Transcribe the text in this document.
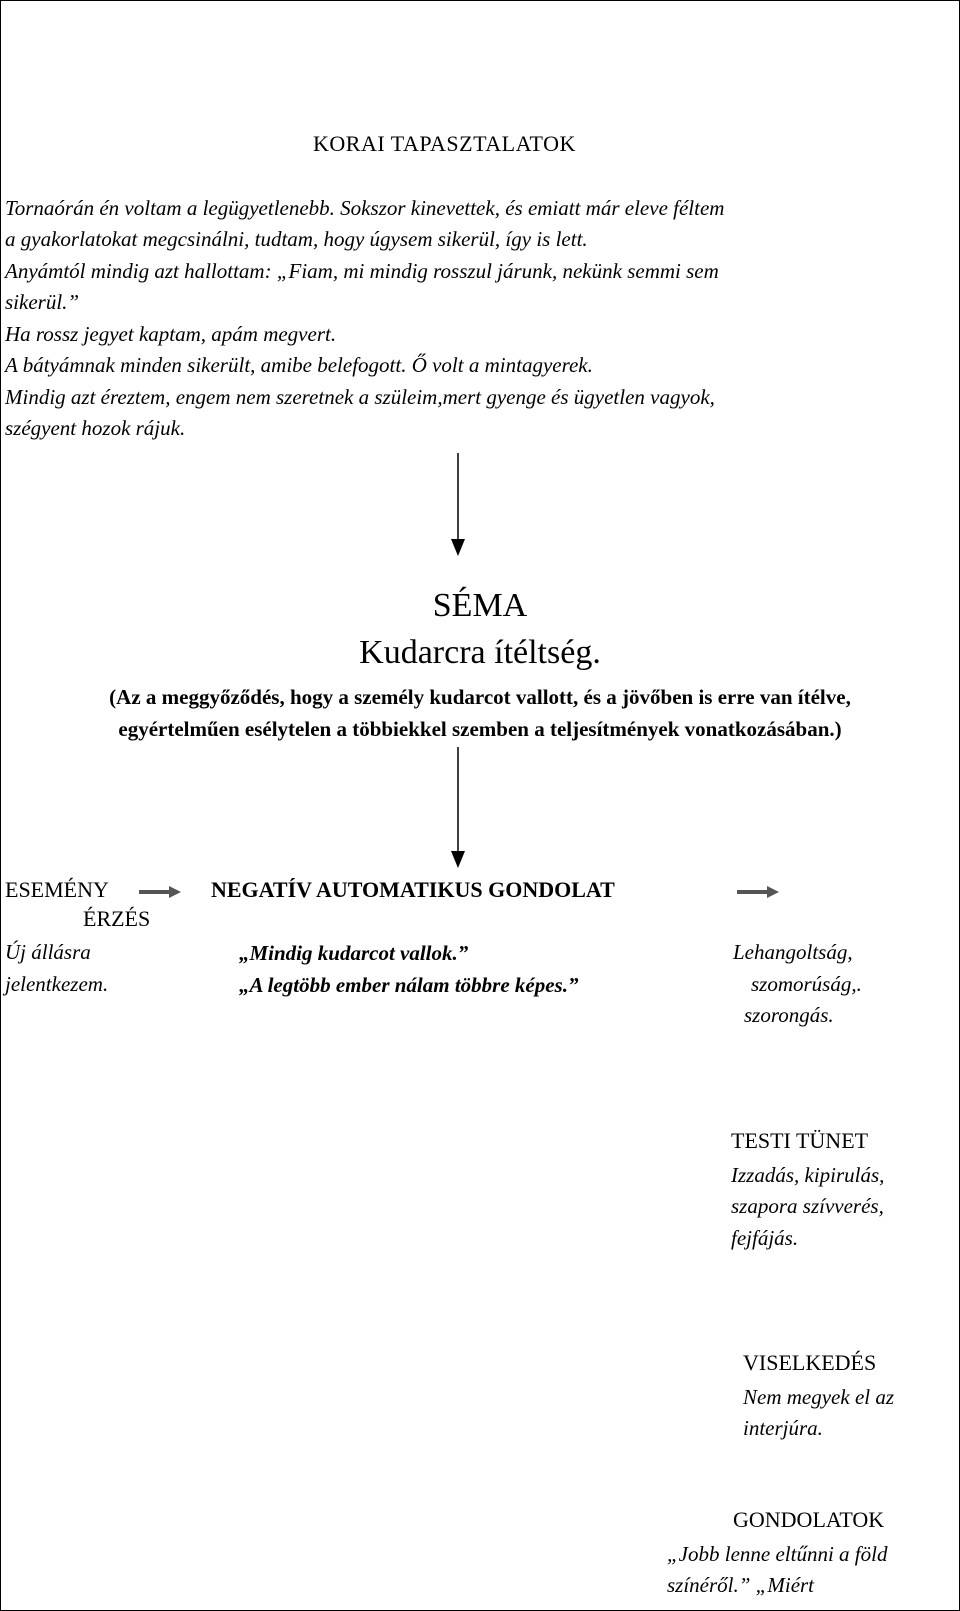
KORAI TAPASZTALATOK
Tornaórán én voltam a legügyetlenebb. Sokszor kinevettek, és emiatt már eleve féltem
a gyakorlatokat megcsinálni, tudtam, hogy úgysem sikerül, így is lett.
Anyámtól mindig azt hallottam: „Fiam, mi mindig rosszul járunk, nekünk semmi sem
sikerül.”
Ha rossz jegyet kaptam, apám megvert.
A bátyámnak minden sikerült, amibe belefogott. Ő volt a mintagyerek.
Mindig azt éreztem, engem nem szeretnek a szüleim,mert gyenge és ügyetlen vagyok,
szégyent hozok rájuk.
SÉMA
Kudarcra ítéltség.
(Az a meggyőződés, hogy a személy kudarcot vallott, és a jövőben is erre van ítélve,
egyértelműen esélytelen a többiekkel szemben a teljesítmények vonatkozásában.)
ESEMÉNY	NEGATÍV AUTOMATIKUS GONDOLAT
ÉRZÉS
Új állásra
jelentkezem.
„Mindig kudarcot vallok.”
„A legtöbb ember nálam többre képes.”
Lehangoltság,
szomorúság,.
szorongás.
TESTI TÜNET
Izzadás, kipirulás,
szapora szívverés,
fejfájás.
VISELKEDÉS
Nem megyek el az
interjúra.
GONDOLATOK
„Jobb lenne eltűnni a föld
színéről.” „Miért
